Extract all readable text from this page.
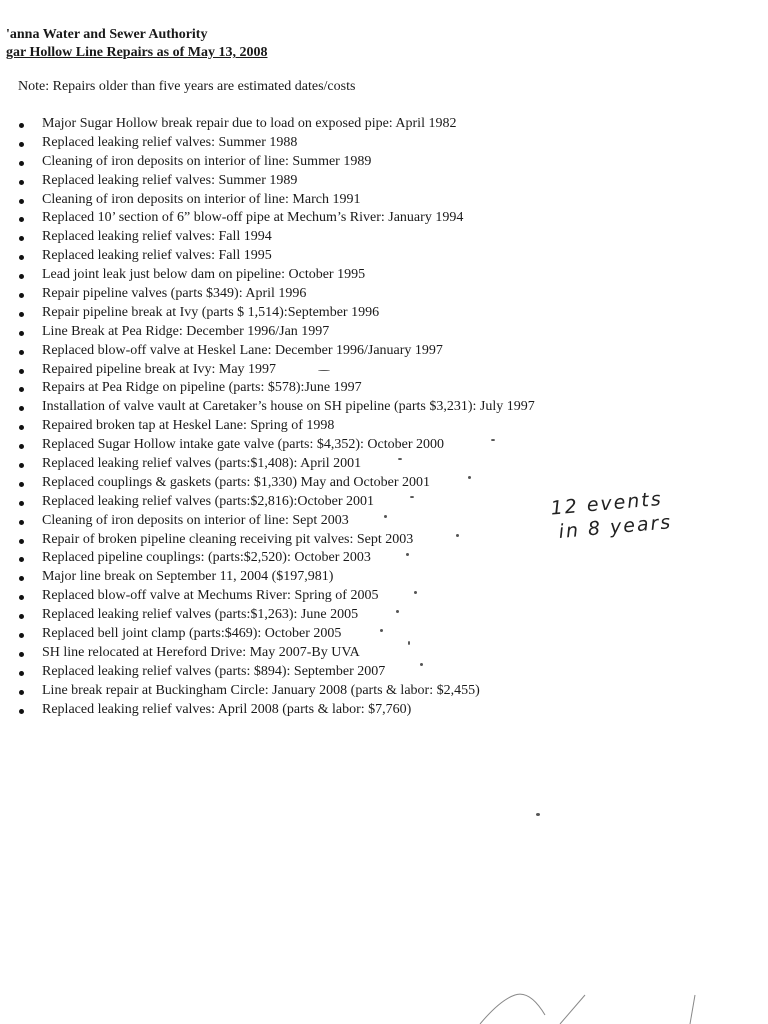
'anna Water and Sewer Authority
gar Hollow Line Repairs as of May 13, 2008
Note: Repairs older than five years are estimated dates/costs
Major Sugar Hollow break repair due to load on exposed pipe: April 1982
Replaced leaking relief valves: Summer 1988
Cleaning of iron deposits on interior of line: Summer 1989
Replaced leaking relief valves: Summer 1989
Cleaning of iron deposits on interior of line: March 1991
Replaced 10’ section of 6” blow-off pipe at Mechum’s River: January 1994
Replaced leaking relief valves: Fall 1994
Replaced leaking relief valves: Fall 1995
Lead joint leak just below dam on pipeline: October 1995
Repair pipeline valves (parts $349): April 1996
Repair pipeline break at Ivy (parts $ 1,514):September 1996
Line Break at Pea Ridge: December 1996/Jan 1997
Replaced blow-off valve at Heskel Lane: December 1996/January 1997
Repaired pipeline break at Ivy: May 1997
Repairs at Pea Ridge on pipeline (parts: $578):June 1997
Installation of valve vault at Caretaker’s house on SH pipeline (parts $3,231): July 1997
Repaired broken tap at Heskel Lane: Spring of 1998
Replaced Sugar Hollow intake gate valve (parts: $4,352): October 2000
Replaced leaking relief valves (parts:$1,408): April 2001
Replaced couplings & gaskets (parts: $1,330) May and October 2001
Replaced leaking relief valves (parts:$2,816):October 2001
Cleaning of iron deposits on interior of line: Sept 2003
Repair of broken pipeline cleaning receiving pit valves: Sept 2003
Replaced pipeline couplings: (parts:$2,520): October 2003
Major line break on September 11, 2004 ($197,981)
Replaced blow-off valve at Mechums River: Spring of 2005
Replaced leaking relief valves (parts:$1,263): June 2005
Replaced bell joint clamp (parts:$469): October 2005
SH line relocated at Hereford Drive: May 2007-By UVA
Replaced leaking relief valves (parts: $894): September 2007
Line break repair at Buckingham Circle: January 2008 (parts & labor: $2,455)
Replaced leaking relief valves: April 2008 (parts & labor: $7,760)
12 events
in 8 years
